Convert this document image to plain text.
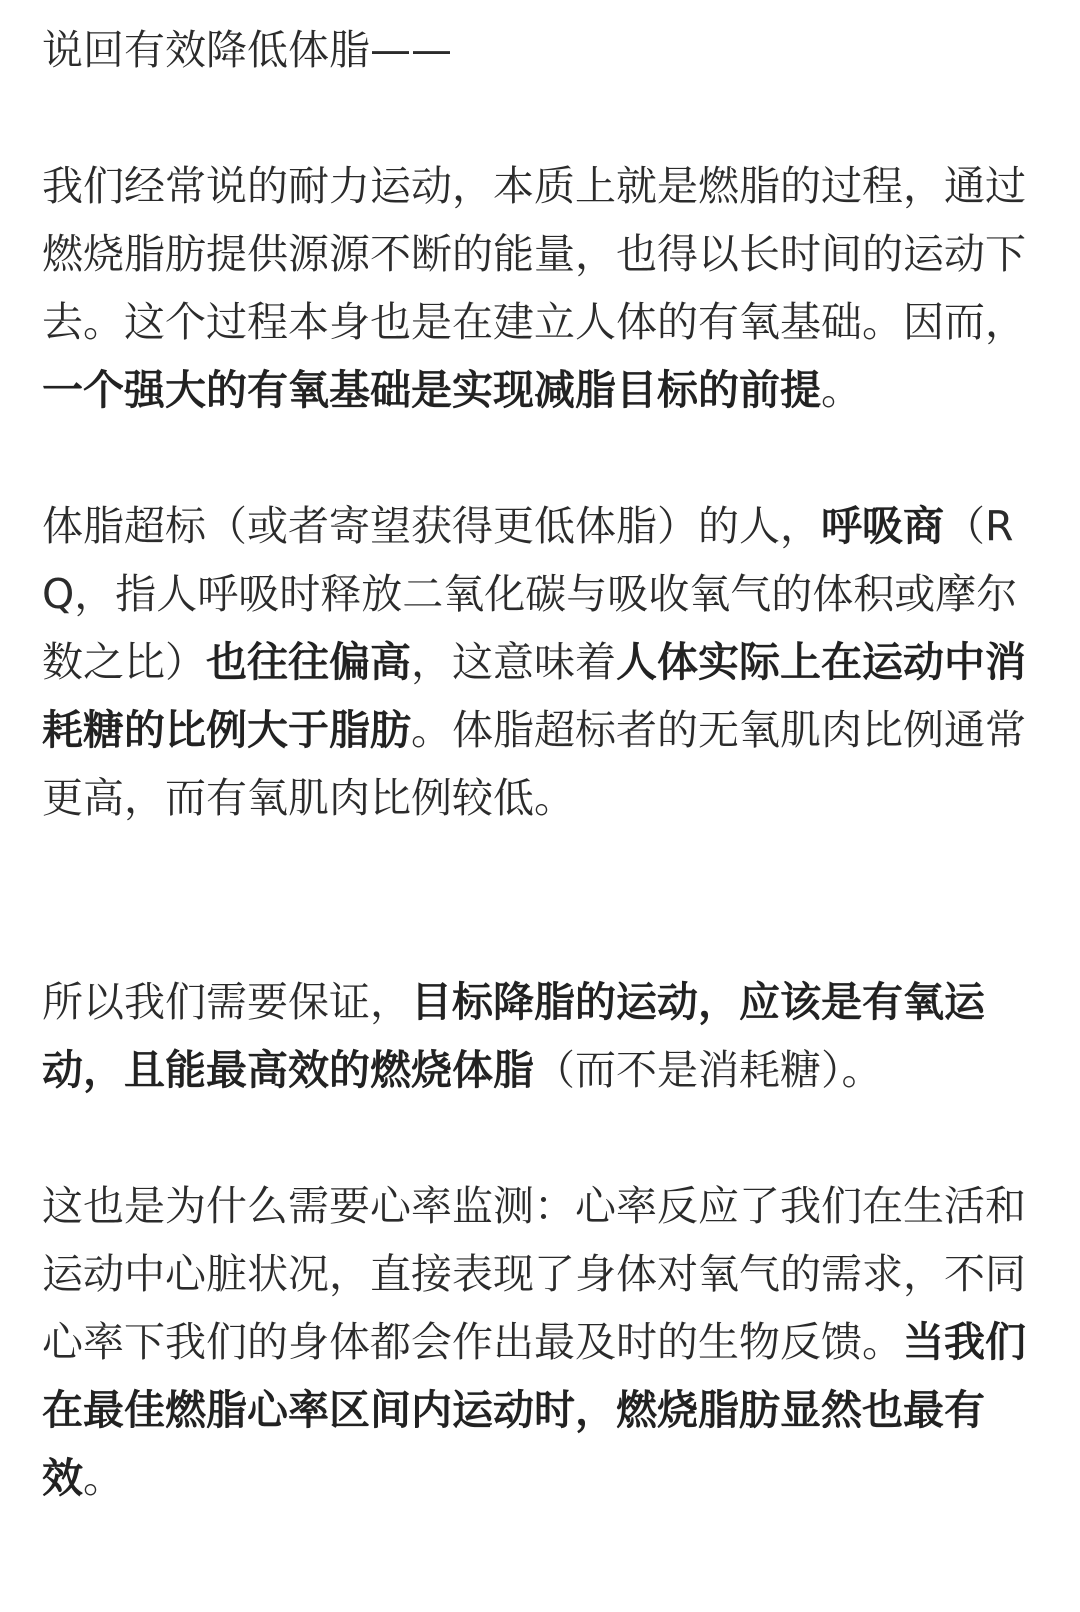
说回有效降低体脂——

我们经常说的耐力运动，本质上就是燃脂的过程，通过燃烧脂肪提供源源不断的能量，也得以长时间的运动下去。这个过程本身也是在建立人体的有氧基础。因而，一个强大的有氧基础是实现减脂目标的前提。

体脂超标（或者寄望获得更低体脂）的人，呼吸商（RQ，指人呼吸时释放二氧化碳与吸收氧气的体积或摩尔数之比）也往往偏高，这意味着人体实际上在运动中消耗糖的比例大于脂肪。体脂超标者的无氧肌肉比例通常更高，而有氧肌肉比例较低。

所以我们需要保证，目标降脂的运动，应该是有氧运动，且能最高效的燃烧体脂（而不是消耗糖）。

这也是为什么需要心率监测：心率反应了我们在生活和运动中心脏状况，直接表现了身体对氧气的需求，不同心率下我们的身体都会作出最及时的生物反馈。当我们在最佳燃脂心率区间内运动时，燃烧脂肪显然也最有效。
